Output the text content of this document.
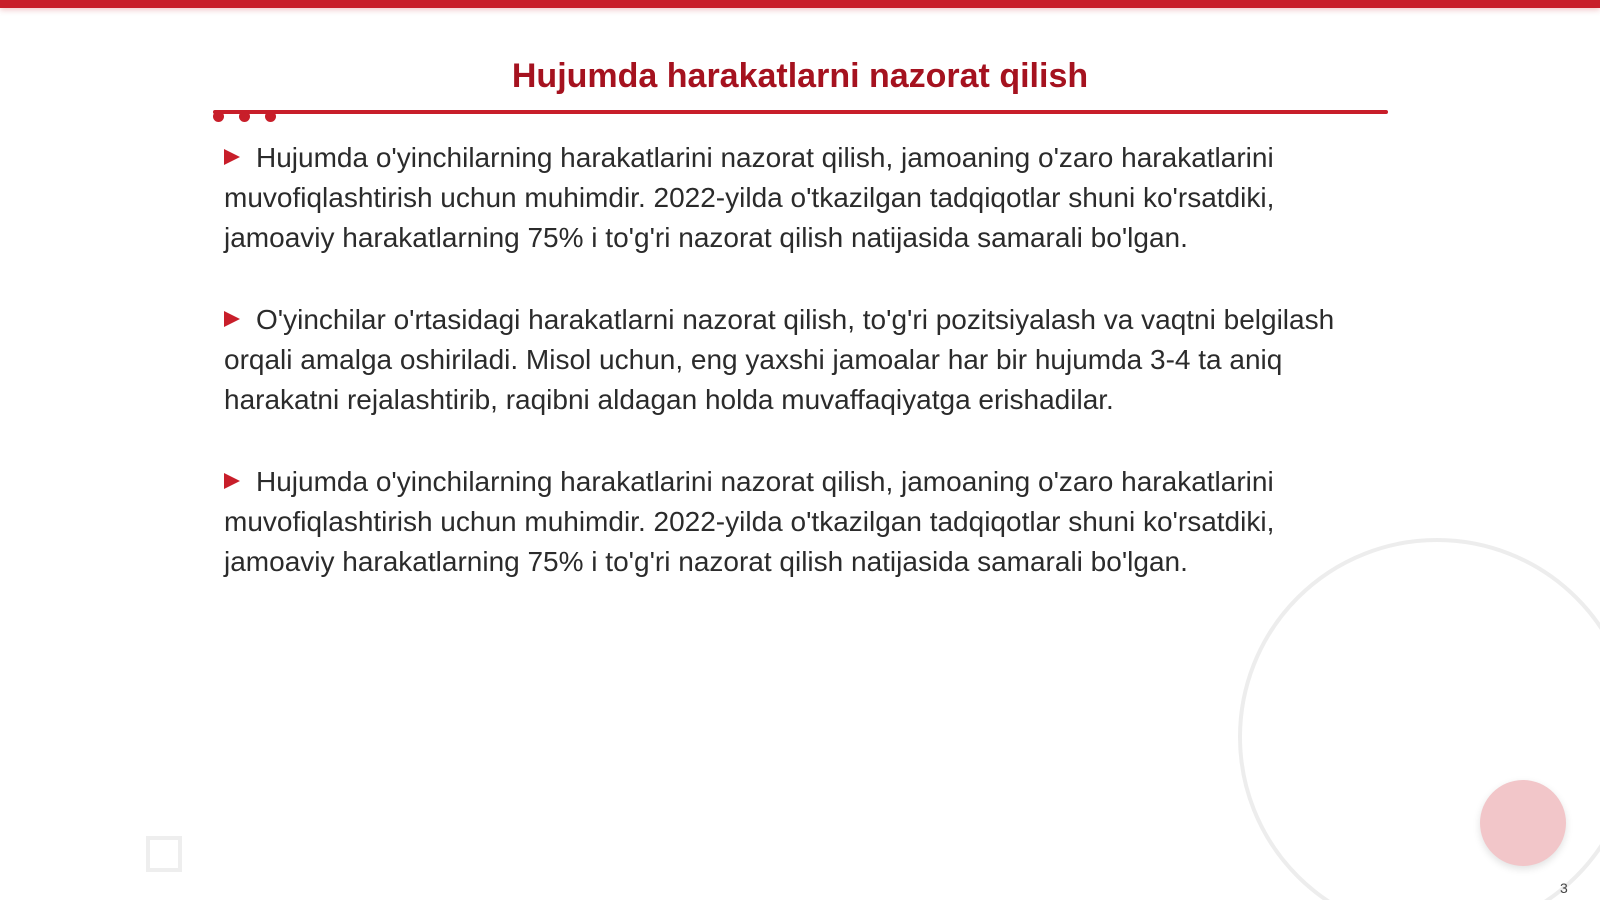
Hujumda harakatlarni nazorat qilish

Hujumda o'yinchilarning harakatlarini nazorat qilish, jamoaning o'zaro harakatlarini muvofiqlashtirish uchun muhimdir. 2022-yilda o'tkazilgan tadqiqotlar shuni ko'rsatdiki, jamoaviy harakatlarning 75% i to'g'ri nazorat qilish natijasida samarali bo'lgan.

O'yinchilar o'rtasidagi harakatlarni nazorat qilish, to'g'ri pozitsiyalash va vaqtni belgilash orqali amalga oshiriladi. Misol uchun, eng yaxshi jamoalar har bir hujumda 3-4 ta aniq harakatni rejalashtirib, raqibni aldagan holda muvaffaqiyatga erishadilar.

Hujumda o'yinchilarning harakatlarini nazorat qilish, jamoaning o'zaro harakatlarini muvofiqlashtirish uchun muhimdir. 2022-yilda o'tkazilgan tadqiqotlar shuni ko'rsatdiki, jamoaviy harakatlarning 75% i to'g'ri nazorat qilish natijasida samarali bo'lgan.

3
